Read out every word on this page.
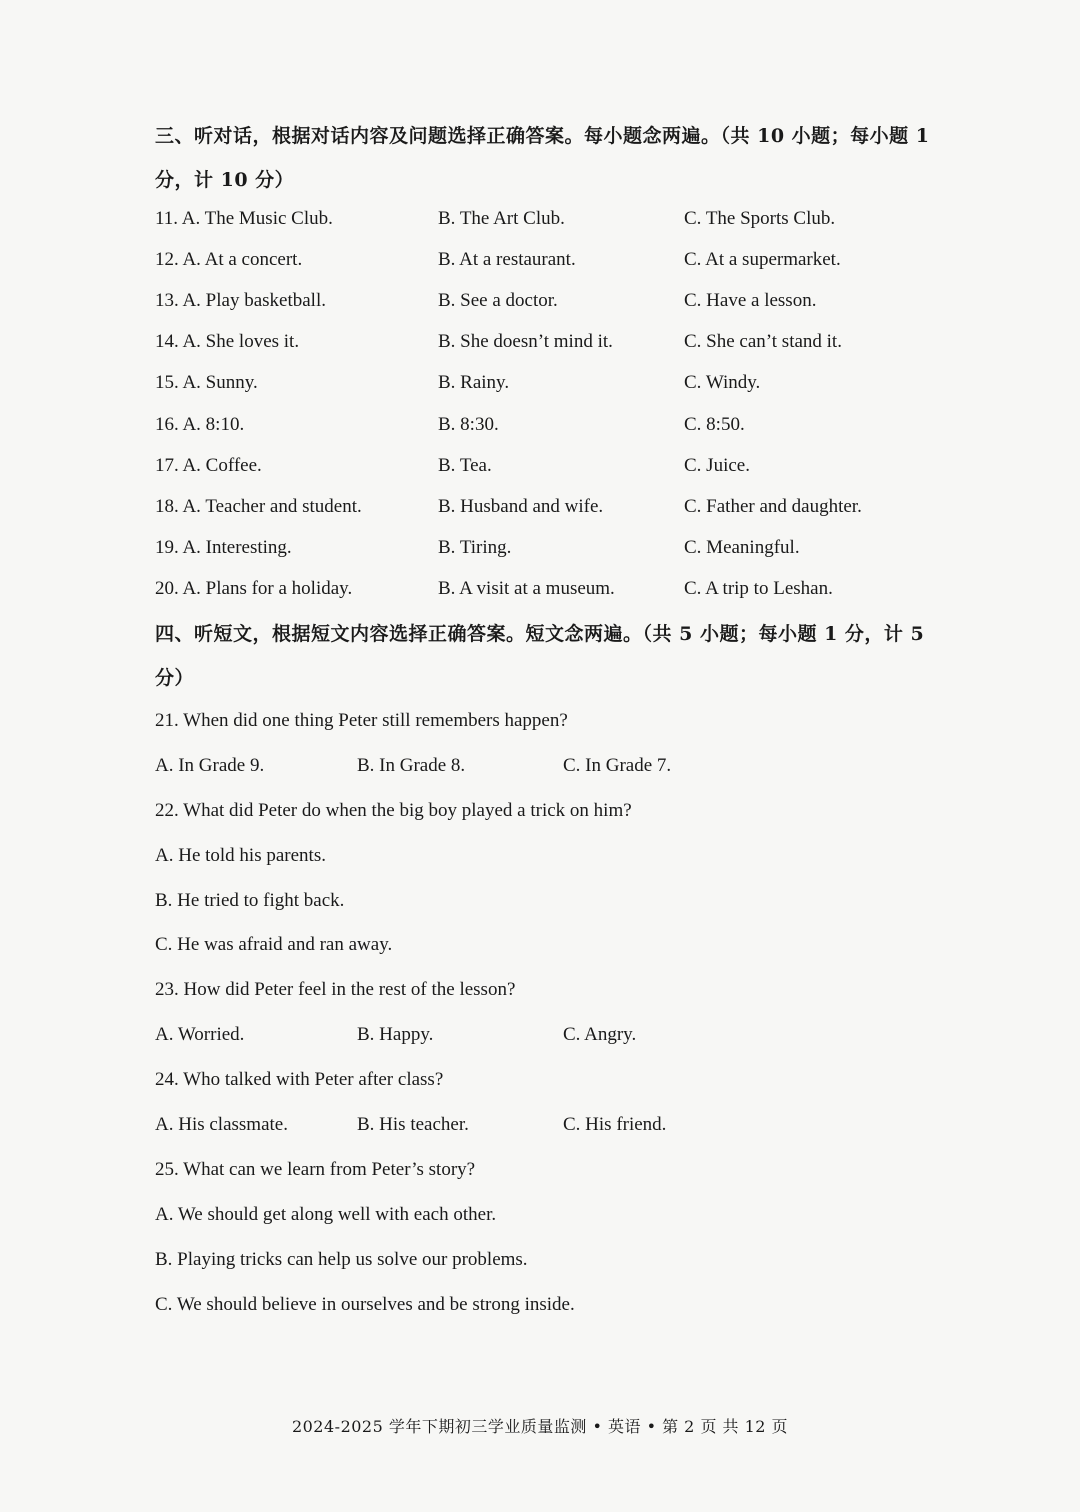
三、听对话，根据对话内容及问题选择正确答案。每小题念两遍。（共 10 小题；每小题 1 分，计 10 分）
11. A. The Music Club.	B. The Art Club.	C. The Sports Club.
12. A. At a concert.	B. At a restaurant.	C. At a supermarket.
13. A. Play basketball.	B. See a doctor.	C. Have a lesson.
14. A. She loves it.	B. She doesn’t mind it.	C. She can’t stand it.
15. A. Sunny.	B. Rainy.	C. Windy.
16. A. 8:10.	B. 8:30.	C. 8:50.
17. A. Coffee.	B. Tea.	C. Juice.
18. A. Teacher and student.	B. Husband and wife.	C. Father and daughter.
19. A. Interesting.	B. Tiring.	C. Meaningful.
20. A. Plans for a holiday.	B. A visit at a museum.	C. A trip to Leshan.
四、听短文，根据短文内容选择正确答案。短文念两遍。（共 5 小题；每小题 1 分，计 5 分）
21. When did one thing Peter still remembers happen?
A. In Grade 9.	B. In Grade 8.	C. In Grade 7.
22. What did Peter do when the big boy played a trick on him?
A. He told his parents.
B. He tried to fight back.
C. He was afraid and ran away.
23. How did Peter feel in the rest of the lesson?
A. Worried.	B. Happy.	C. Angry.
24. Who talked with Peter after class?
A. His classmate.	B. His teacher.	C. His friend.
25. What can we learn from Peter’s story?
A. We should get along well with each other.
B. Playing tricks can help us solve our problems.
C. We should believe in ourselves and be strong inside.
2024-2025 学年下期初三学业质量监测 • 英语 • 第 2 页 共 12 页
